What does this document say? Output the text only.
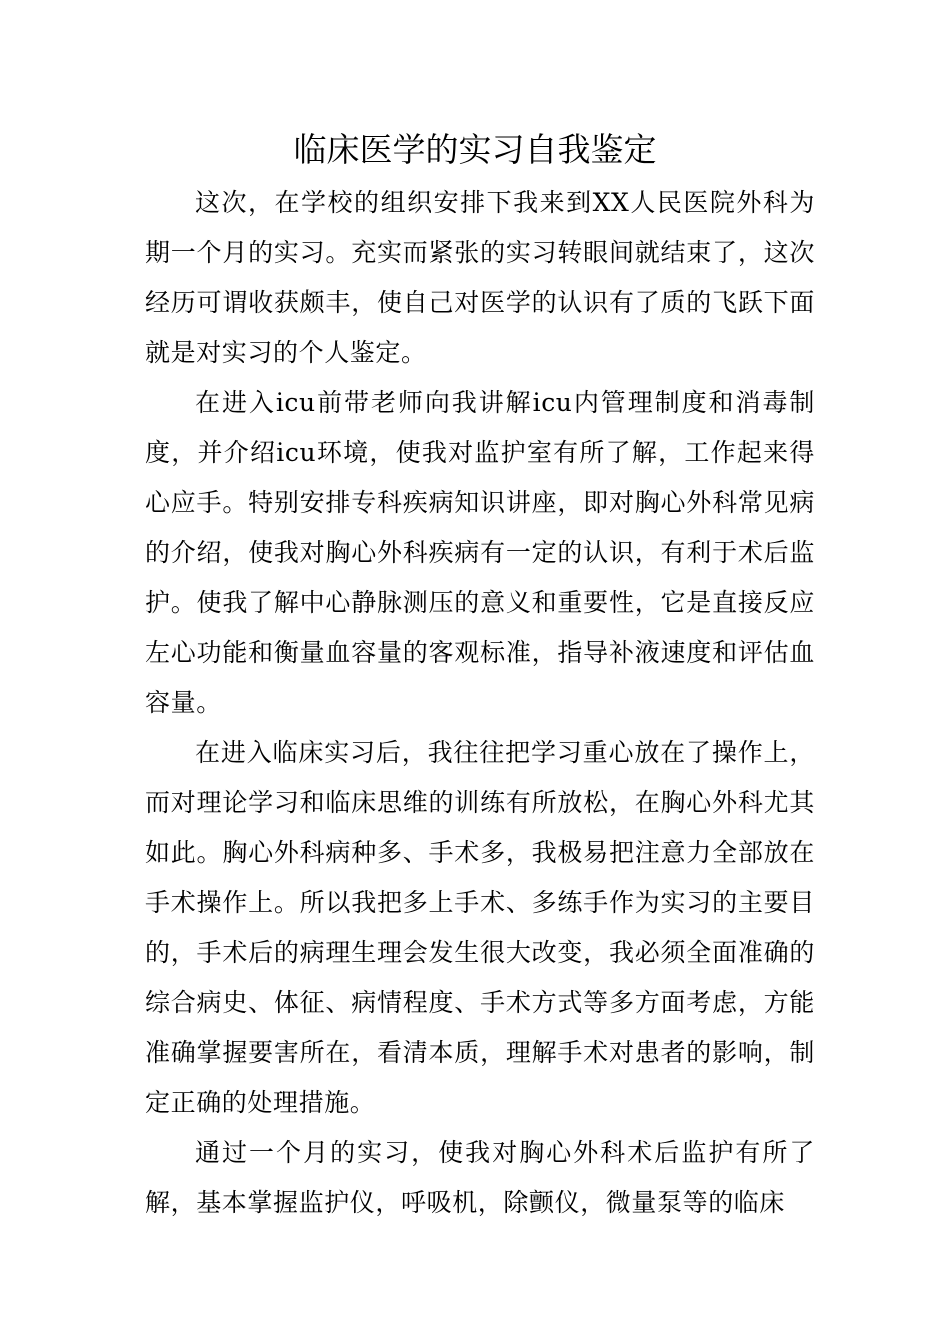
临床医学的实习自我鉴定

这次，在学校的组织安排下我来到XX人民医院外科为期一个月的实习。充实而紧张的实习转眼间就结束了，这次经历可谓收获颇丰，使自己对医学的认识有了质的飞跃下面就是对实习的个人鉴定。

在进入icu前带老师向我讲解icu内管理制度和消毒制度，并介绍icu环境，使我对监护室有所了解，工作起来得心应手。特别安排专科疾病知识讲座，即对胸心外科常见病的介绍，使我对胸心外科疾病有一定的认识，有利于术后监护。使我了解中心静脉测压的意义和重要性，它是直接反应左心功能和衡量血容量的客观标准，指导补液速度和评估血容量。

在进入临床实习后，我往往把学习重心放在了操作上，而对理论学习和临床思维的训练有所放松，在胸心外科尤其如此。胸心外科病种多、手术多，我极易把注意力全部放在手术操作上。所以我把多上手术、多练手作为实习的主要目的，手术后的病理生理会发生很大改变，我必须全面准确的综合病史、体征、病情程度、手术方式等多方面考虑，方能准确掌握要害所在，看清本质，理解手术对患者的影响，制定正确的处理措施。

通过一个月的实习，使我对胸心外科术后监护有所了解，基本掌握监护仪，呼吸机，除颤仪，微量泵等的临床
